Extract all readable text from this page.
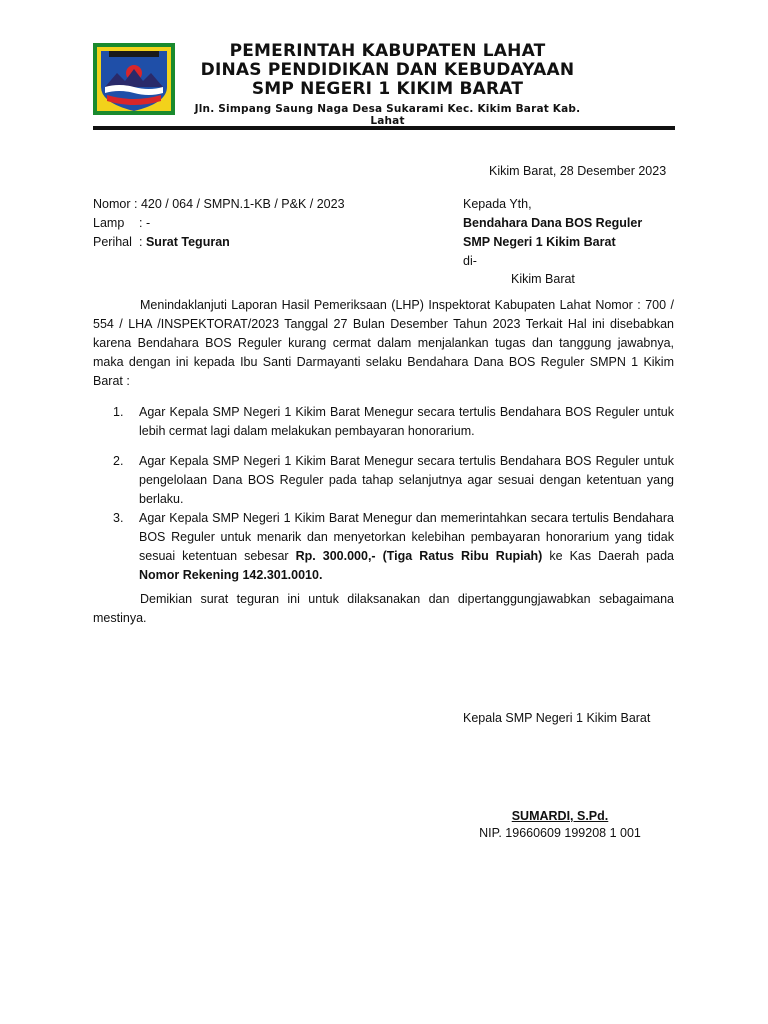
PEMERINTAH KABUPATEN LAHAT
DINAS PENDIDIKAN DAN KEBUDAYAAN
SMP NEGERI 1 KIKIM BARAT
Jln. Simpang Saung Naga Desa Sukarami Kec. Kikim Barat Kab. Lahat
Kikim Barat, 28 Desember 2023
Nomor : 420 / 064 / SMPN.1-KB / P&K / 2023
Lamp : -
Perihal : Surat Teguran
Kepada Yth,
Bendahara Dana BOS Reguler
SMP Negeri 1 Kikim Barat
di-
Kikim Barat
Menindaklanjuti Laporan Hasil Pemeriksaan (LHP) Inspektorat Kabupaten Lahat Nomor : 700 / 554 / LHA /INSPEKTORAT/2023 Tanggal 27 Bulan Desember Tahun 2023 Terkait Hal ini disebabkan karena Bendahara BOS Reguler kurang cermat dalam menjalankan tugas dan tanggung jawabnya, maka dengan ini kepada Ibu Santi Darmayanti selaku Bendahara Dana BOS Reguler SMPN 1 Kikim Barat :
1.	Agar Kepala SMP Negeri 1 Kikim Barat Menegur secara tertulis Bendahara BOS Reguler untuk lebih cermat lagi dalam melakukan pembayaran honorarium.
2.	Agar Kepala SMP Negeri 1 Kikim Barat Menegur secara tertulis Bendahara BOS Reguler untuk pengelolaan Dana BOS Reguler pada tahap selanjutnya agar sesuai dengan ketentuan yang berlaku.
3.	Agar Kepala SMP Negeri 1 Kikim Barat Menegur dan memerintahkan secara tertulis Bendahara BOS Reguler untuk menarik dan menyetorkan kelebihan pembayaran honorarium yang tidak sesuai ketentuan sebesar Rp. 300.000,- (Tiga Ratus Ribu Rupiah) ke Kas Daerah pada Nomor Rekening 142.301.0010.
Demikian surat teguran ini untuk dilaksanakan dan dipertanggungjawabkan sebagaimana mestinya.
Kepala SMP Negeri 1 Kikim Barat
SUMARDI, S.Pd.
NIP. 19660609 199208 1 001
